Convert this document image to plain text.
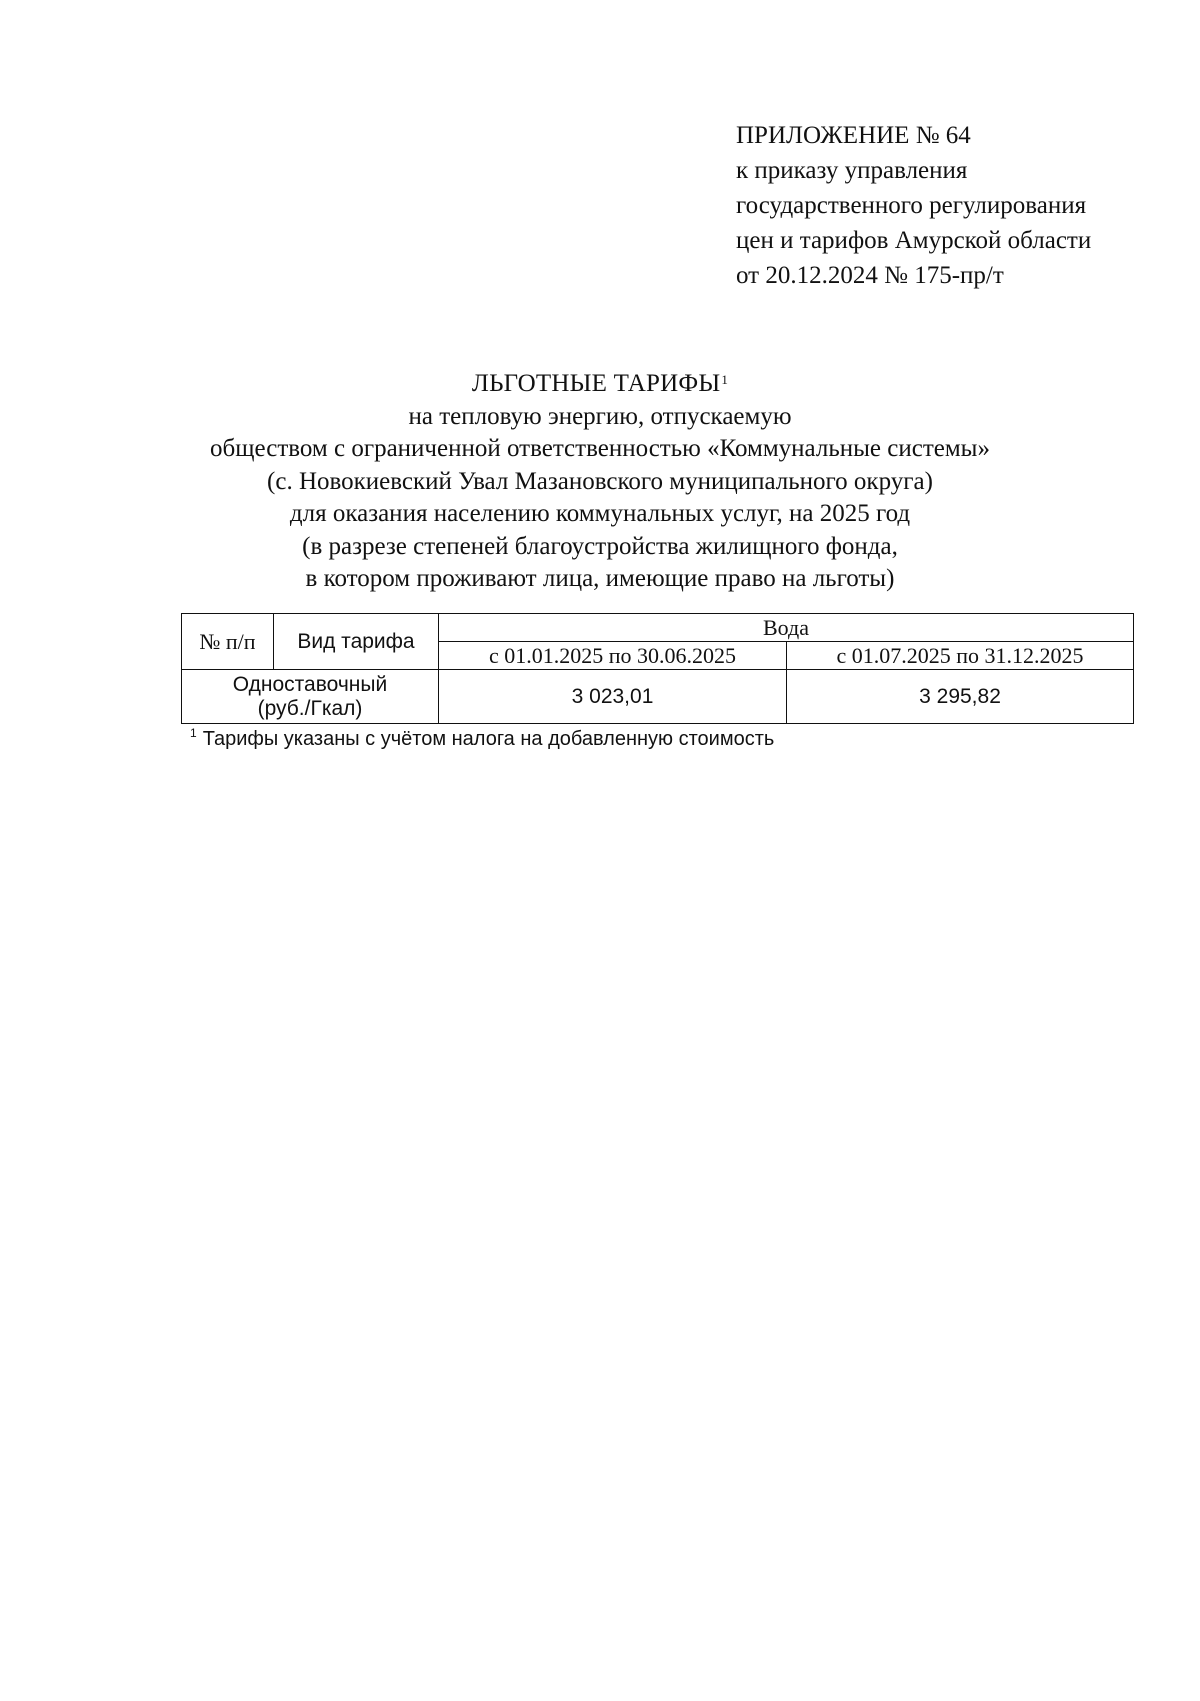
ПРИЛОЖЕНИЕ № 64
к приказу управления
государственного регулирования
цен и тарифов Амурской области
от 20.12.2024 № 175-пр/т
ЛЬГОТНЫЕ ТАРИФЫ$^1$
на тепловую энергию, отпускаемую
обществом с ограниченной ответственностью «Коммунальные системы»
(с. Новокиевский Увал Мазановского муниципального округа)
для оказания населению коммунальных услуг, на 2025 год
(в разрезе степеней благоустройства жилищного фонда,
в котором проживают лица, имеющие право на льготы)
№ п/п	Вид тарифа	Вода	
		с 01.01.2025 по 30.06.2025	с 01.07.2025 по 31.12.2025

Одноставочный
(руб./Гкал)		3 023,01	3 295,82
$^1$ Тарифы указаны с учётом налога на добавленную стоимость
